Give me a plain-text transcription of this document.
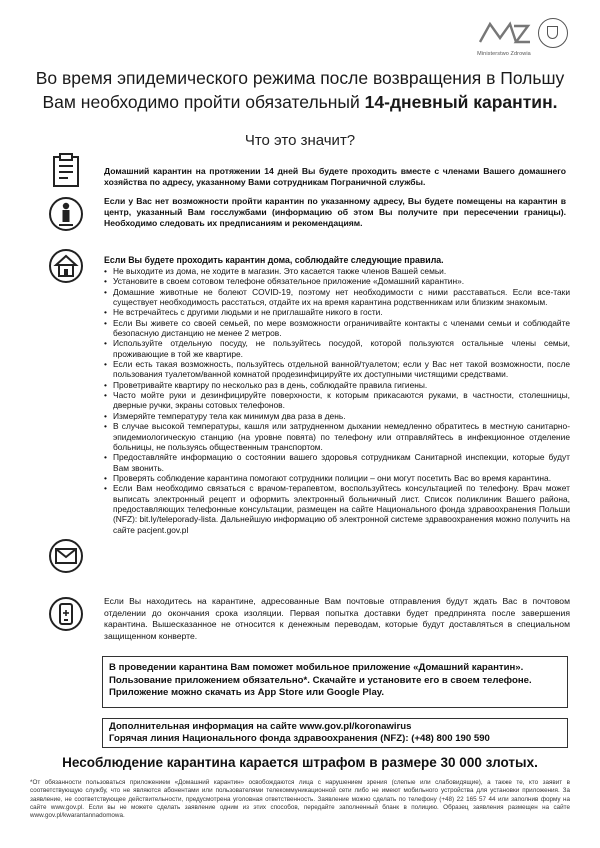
Ministerstwo Zdrowia
Во время эпидемического режима после возвращения в Польшу
Вам необходимо пройти обязательный 14-дневный карантин.
Что это значит?
Домашний карантин на протяжении 14 дней Вы будете проходить вместе с членами Вашего домашнего хозяйства по адресу, указанному Вами сотрудникам Пограничной службы.
Если у Вас нет возможности пройти карантин по указанному адресу, Вы будете помещены на карантин в центр, указанный Вам госслужбами (информацию об этом Вы получите при пересечении границы). Необходимо следовать их предписаниям и рекомендациям.
Если Вы будете проходить карантин дома, соблюдайте следующие правила.
• Не выходите из дома, не ходите в магазин. Это касается также членов Вашей семьи.
• Установите в своем сотовом телефоне обязательное приложение «Домашний карантин».
• Домашние животные не болеют COVID-19, поэтому нет необходимости с ними расставаться. Если все-таки существует необходимость расстаться, отдайте их на время карантина родственникам или близким знакомым.
• Не встречайтесь с другими людьми и не приглашайте никого в гости.
• Если Вы живете со своей семьей, по мере возможности ограничивайте контакты с членами семьи и соблюдайте безопасную дистанцию не менее 2 метров.
• Используйте отдельную посуду, не пользуйтесь посудой, которой пользуются остальные члены семьи, проживающие в той же квартире.
• Если есть такая возможность, пользуйтесь отдельной ванной/туалетом; если у Вас нет такой возможности, после пользования туалетом/ванной комнатой продезинфицируйте их доступными чистящими средствами.
• Проветривайте квартиру по несколько раз в день, соблюдайте правила гигиены.
• Часто мойте руки и дезинфицируйте поверхности, к которым прикасаются руками, в частности, столешницы, дверные ручки, экраны сотовых телефонов.
• Измеряйте температуру тела как минимум два раза в день.
• В случае высокой температуры, кашля или затрудненном дыхании немедленно обратитесь в местную санитарно-эпидемиологическую станцию (на уровне повята) по телефону или отправляйтесь в инфекционное отделение больницы, не пользуясь общественным транспортом.
• Предоставляйте информацию о состоянии вашего здоровья сотрудникам Санитарной инспекции, которые будут Вам звонить.
• Проверять соблюдение карантина помогают сотрудники полиции – они могут посетить Вас во время карантина.
• Если Вам необходимо связаться с врачом-терапевтом, воспользуйтесь консультацией по телефону. Врач может выписать электронный рецепт и оформить электронный больничный лист. Список поликлиник Вашего района, предоставляющих телефонные консультации, размещен на сайте Национального фонда здравоохранения Польши (NFZ): bit.ly/teleporady-lista. Дальнейшую информацию об электронной системе здравоохранения можно получить на сайте pacjent.gov.pl
Если Вы находитесь на карантине, адресованные Вам почтовые отправления будут ждать Вас в почтовом отделении до окончания срока изоляции. Первая попытка доставки будет предпринята после завершения карантина. Вышесказанное не относится к денежным переводам, которые будут доставляться в специальном защищенном конверте.
В проведении карантина Вам поможет мобильное приложение «Домашний карантин». Пользование приложением обязательно*. Скачайте и установите его в своем телефоне. Приложение можно скачать из App Store или Google Play.
Дополнительная информация на сайте www.gov.pl/koronawirus
Горячая линия Национального фонда здравоохранения (NFZ): (+48) 800 190 590
Несоблюдение карантина карается штрафом в размере 30 000 злотых.
*От обязанности пользоваться приложением «Домашний карантин» освобождаются лица с нарушением зрения (слепые или слабовидящие), а также те, кто заявит в соответствующую службу, что не являются абонентами или пользователями телекоммуникационной сети либо не имеют мобильного устройства для установки приложения. За заявление, не соответствующее действительности, предусмотрена уголовная ответственность. Заявление можно сделать по телефону (+48) 22 165 57 44 или заполнив форму на сайте www.gov.pl. Если вы не можете сделать заявление одним из этих способов, передайте заполненный бланк в полицию. Образец заявления размещен на сайте www.gov.pl/kwarantannadomowa.
